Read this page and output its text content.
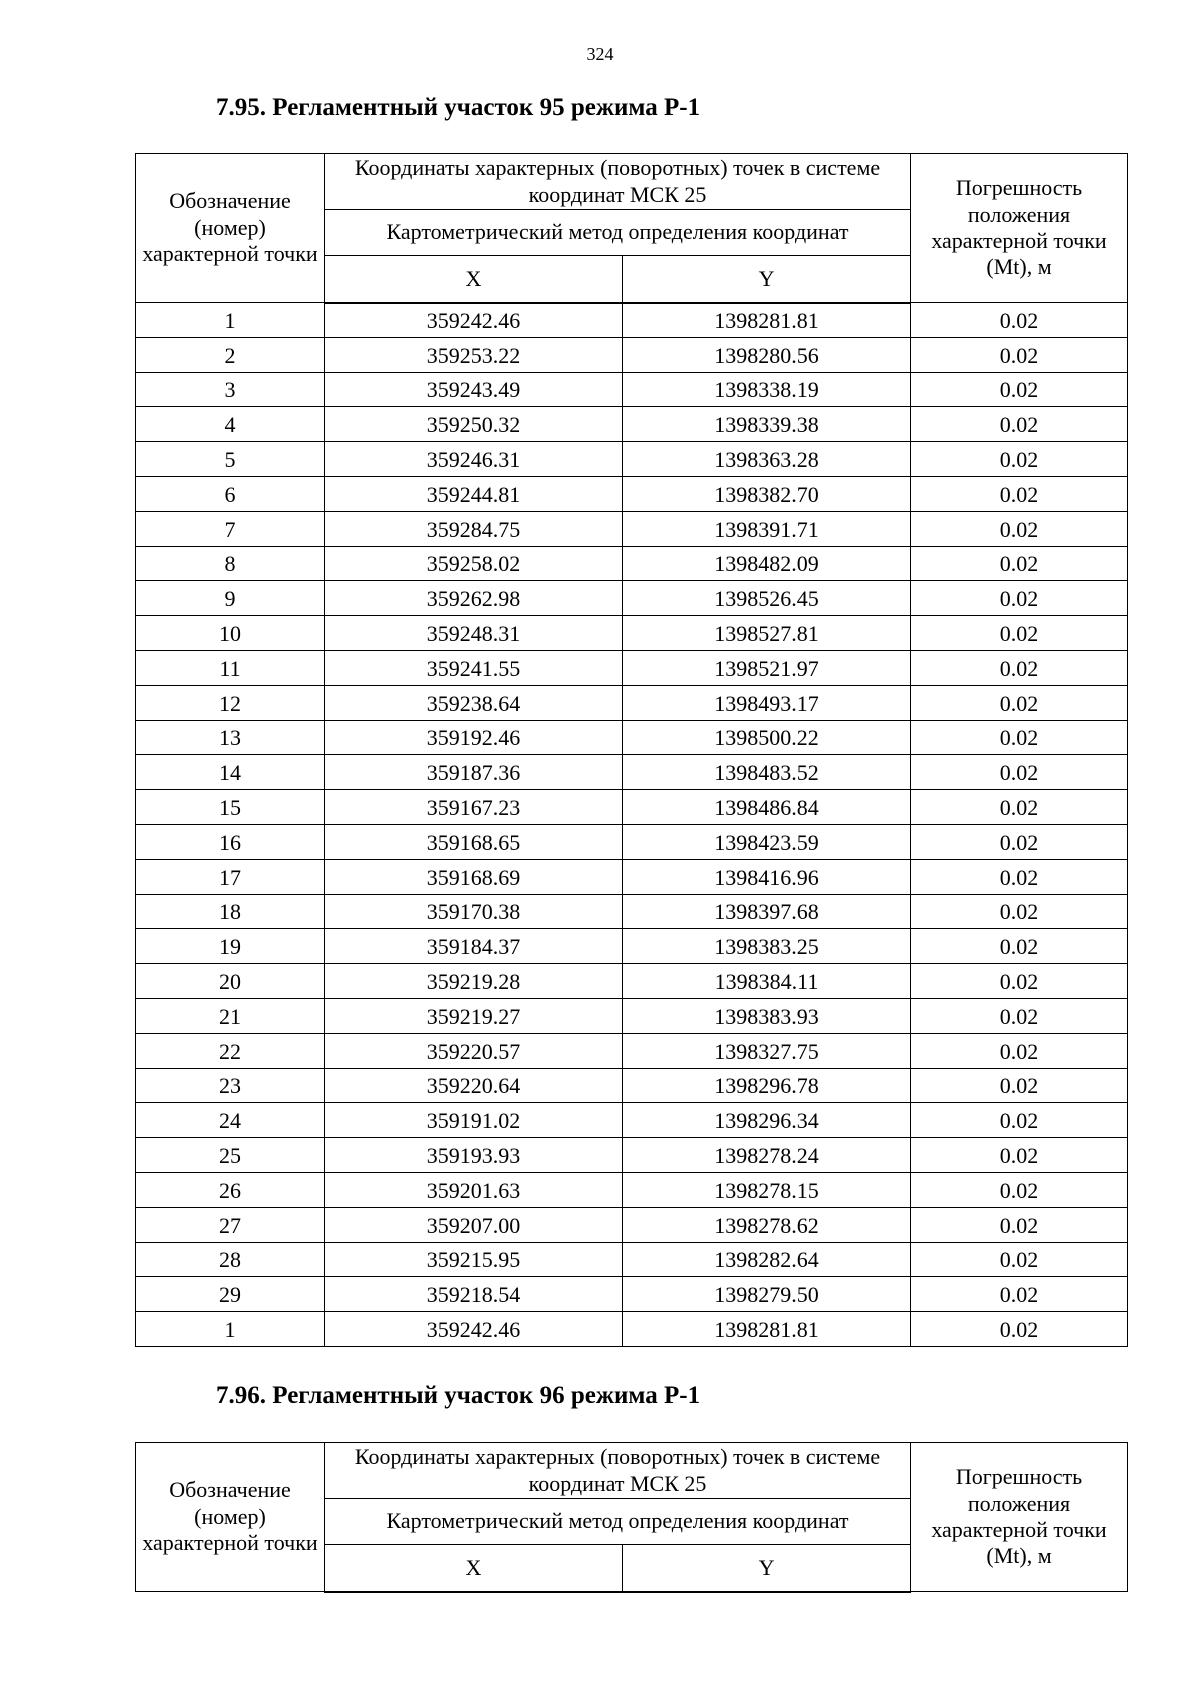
324
7.95. Регламентный участок 95 режима Р-1
Обозначение (номер) характерной точки	Координаты характерных (поворотных) точек в системе координат МСК 25		Погрешность положения характерной точки (Mt), м
	Картометрический метод определения координат		
	X	Y	
1	359242.46	1398281.81	0.02
2	359253.22	1398280.56	0.02
3	359243.49	1398338.19	0.02
4	359250.32	1398339.38	0.02
5	359246.31	1398363.28	0.02
6	359244.81	1398382.70	0.02
7	359284.75	1398391.71	0.02
8	359258.02	1398482.09	0.02
9	359262.98	1398526.45	0.02
10	359248.31	1398527.81	0.02
11	359241.55	1398521.97	0.02
12	359238.64	1398493.17	0.02
13	359192.46	1398500.22	0.02
14	359187.36	1398483.52	0.02
15	359167.23	1398486.84	0.02
16	359168.65	1398423.59	0.02
17	359168.69	1398416.96	0.02
18	359170.38	1398397.68	0.02
19	359184.37	1398383.25	0.02
20	359219.28	1398384.11	0.02
21	359219.27	1398383.93	0.02
22	359220.57	1398327.75	0.02
23	359220.64	1398296.78	0.02
24	359191.02	1398296.34	0.02
25	359193.93	1398278.24	0.02
26	359201.63	1398278.15	0.02
27	359207.00	1398278.62	0.02
28	359215.95	1398282.64	0.02
29	359218.54	1398279.50	0.02
1	359242.46	1398281.81	0.02
7.96. Регламентный участок 96 режима Р-1
Обозначение (номер) характерной точки	Координаты характерных (поворотных) точек в системе координат МСК 25		Погрешность положения характерной точки (Mt), м
	Картометрический метод определения координат		
	X	Y	
